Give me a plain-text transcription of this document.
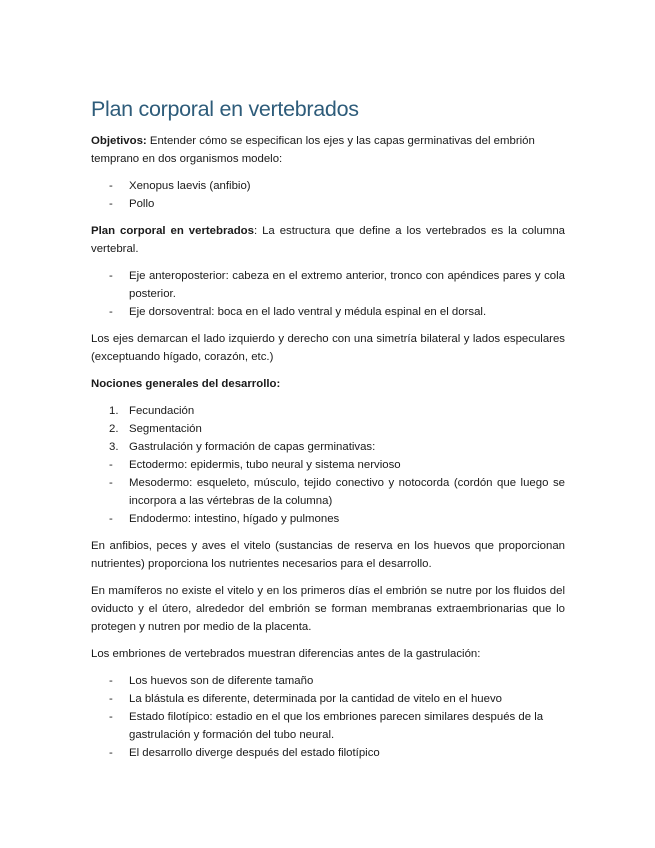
Plan corporal en vertebrados

Objetivos: Entender cómo se especifican los ejes y las capas germinativas del embrión temprano en dos organismos modelo:

- Xenopus laevis (anfibio)
- Pollo

Plan corporal en vertebrados: La estructura que define a los vertebrados es la columna vertebral.

- Eje anteroposterior: cabeza en el extremo anterior, tronco con apéndices pares y cola posterior.
- Eje dorsoventral: boca en el lado ventral y médula espinal en el dorsal.

Los ejes demarcan el lado izquierdo y derecho con una simetría bilateral y lados especulares (exceptuando hígado, corazón, etc.)

Nociones generales del desarrollo:

1. Fecundación
2. Segmentación
3. Gastrulación y formación de capas germinativas:
- Ectodermo: epidermis, tubo neural y sistema nervioso
- Mesodermo: esqueleto, músculo, tejido conectivo y notocorda (cordón que luego se incorpora a las vértebras de la columna)
- Endodermo: intestino, hígado y pulmones

En anfibios, peces y aves el vitelo (sustancias de reserva en los huevos que proporcionan nutrientes) proporciona los nutrientes necesarios para el desarrollo.

En mamíferos no existe el vitelo y en los primeros días el embrión se nutre por los fluidos del oviducto y el útero, alrededor del embrión se forman membranas extraembrionarias que lo protegen y nutren por medio de la placenta.

Los embriones de vertebrados muestran diferencias antes de la gastrulación:

- Los huevos son de diferente tamaño
- La blástula es diferente, determinada por la cantidad de vitelo en el huevo
- Estado filotípico: estadio en el que los embriones parecen similares después de la gastrulación y formación del tubo neural.
- El desarrollo diverge después del estado filotípico
